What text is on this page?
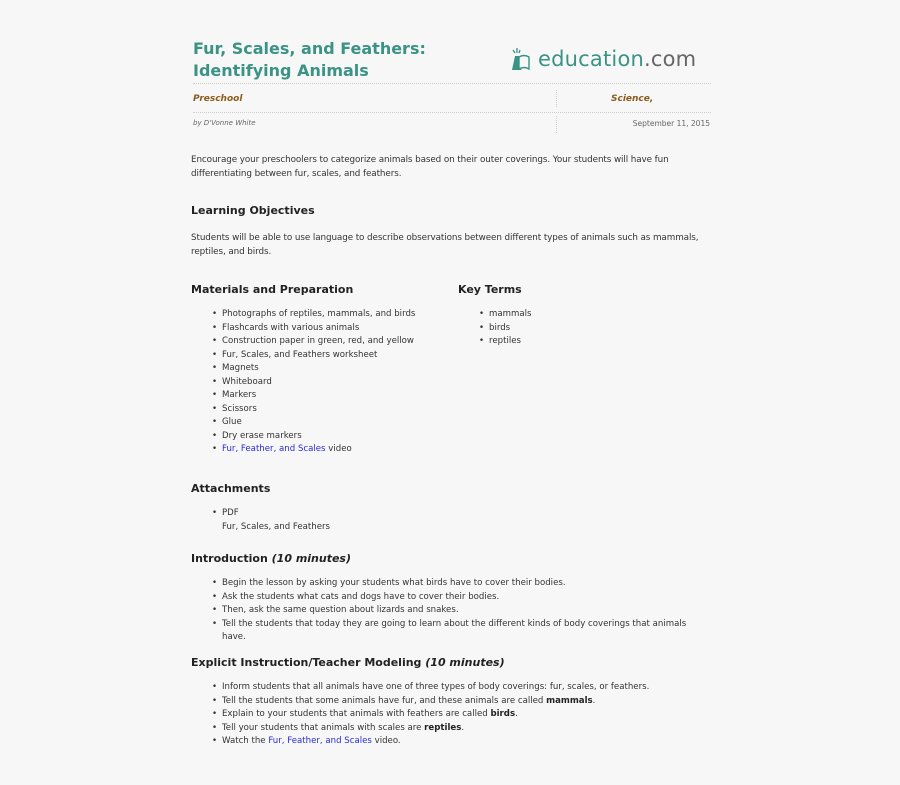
Fur, Scales, and Feathers:
Identifying Animals	education.com
Preschool	Science,
by D'Vonne White	September 11, 2015
Encourage your preschoolers to categorize animals based on their outer coverings. Your students will have fun differentiating between fur, scales, and feathers.
Learning Objectives
Students will be able to use language to describe observations between different types of animals such as mammals, reptiles, and birds.
Materials and Preparation
• Photographs of reptiles, mammals, and birds
• Flashcards with various animals
• Construction paper in green, red, and yellow
• Fur, Scales, and Feathers worksheet
• Magnets
• Whiteboard
• Markers
• Scissors
• Glue
• Dry erase markers
• Fur, Feather, and Scales video
Key Terms
• mammals
• birds
• reptiles
Attachments
• PDF
Fur, Scales, and Feathers
Introduction (10 minutes)
• Begin the lesson by asking your students what birds have to cover their bodies.
• Ask the students what cats and dogs have to cover their bodies.
• Then, ask the same question about lizards and snakes.
• Tell the students that today they are going to learn about the different kinds of body coverings that animals have.
Explicit Instruction/Teacher Modeling (10 minutes)
• Inform students that all animals have one of three types of body coverings: fur, scales, or feathers.
• Tell the students that some animals have fur, and these animals are called mammals.
• Explain to your students that animals with feathers are called birds.
• Tell your students that animals with scales are reptiles.
• Watch the Fur, Feather, and Scales video.
